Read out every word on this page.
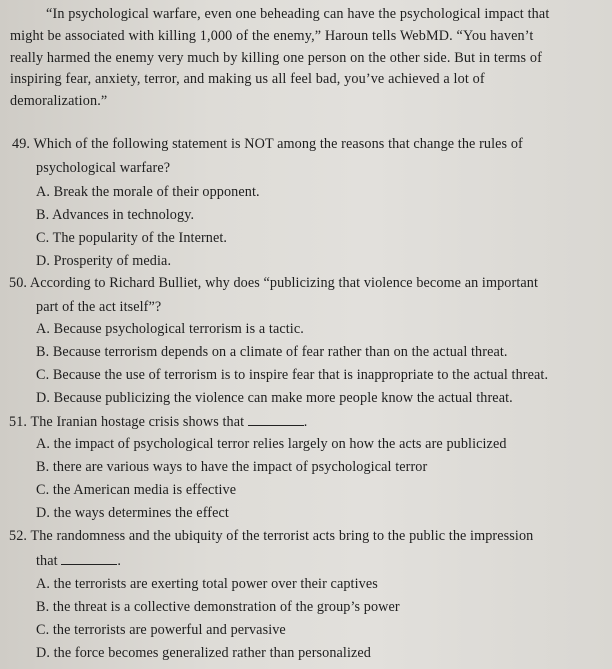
“In psychological warfare, even one beheading can have the psychological impact that
might be associated with killing 1,000 of the enemy,” Haroun tells WebMD. “You haven’t
really harmed the enemy very much by killing one person on the other side. But in terms of
inspiring fear, anxiety, terror, and making us all feel bad, you’ve achieved a lot of
demoralization.”
49. Which of the following statement is NOT among the reasons that change the rules of
psychological warfare?
A. Break the morale of their opponent.
B. Advances in technology.
C. The popularity of the Internet.
D. Prosperity of media.
50. According to Richard Bulliet, why does “publicizing that violence become an important
part of the act itself”?
A. Because psychological terrorism is a tactic.
B. Because terrorism depends on a climate of fear rather than on the actual threat.
C. Because the use of terrorism is to inspire fear that is inappropriate to the actual threat.
D. Because publicizing the violence can make more people know the actual threat.
51. The Iranian hostage crisis shows that	.
A. the impact of psychological terror relies largely on how the acts are publicized
B. there are various ways to have the impact of psychological terror
C. the American media is effective
D. the ways determines the effect
52. The randomness and the ubiquity of the terrorist acts bring to the public the impression
that	.
A. the terrorists are exerting total power over their captives
B. the threat is a collective demonstration of the group’s power
C. the terrorists are powerful and pervasive
D. the force becomes generalized rather than personalized
